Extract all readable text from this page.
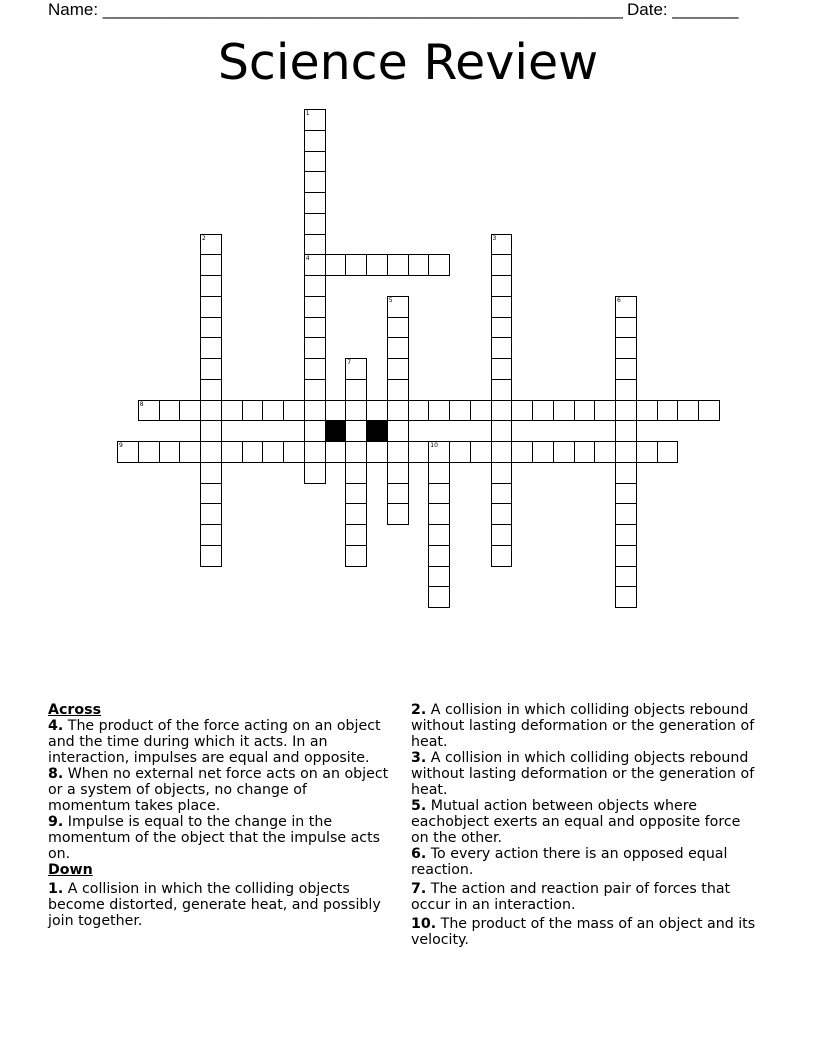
Name: _______________________________________________________ Date: _______
Science Review
1
4
2	3
5	6
7
8
9	10
Across

4. The product of the force acting on an object and the time during which it acts. In an interaction, impulses are equal and opposite.

8. When no external net force acts on an object or a system of objects, no change of momentum takes place.

9. Impulse is equal to the change in the momentum of the object that the impulse acts on.

Down

1. A collision in which the colliding objects become distorted, generate heat, and possibly join together.

2. A collision in which colliding objects rebound without lasting deformation or the generation of heat.

3. A collision in which colliding objects rebound without lasting deformation or the generation of heat.

5. Mutual action between objects where eachobject exerts an equal and opposite force on the other.

6. To every action there is an opposed equal reaction.

7. The action and reaction pair of forces that occur in an interaction.

10. The product of the mass of an object and its velocity.
